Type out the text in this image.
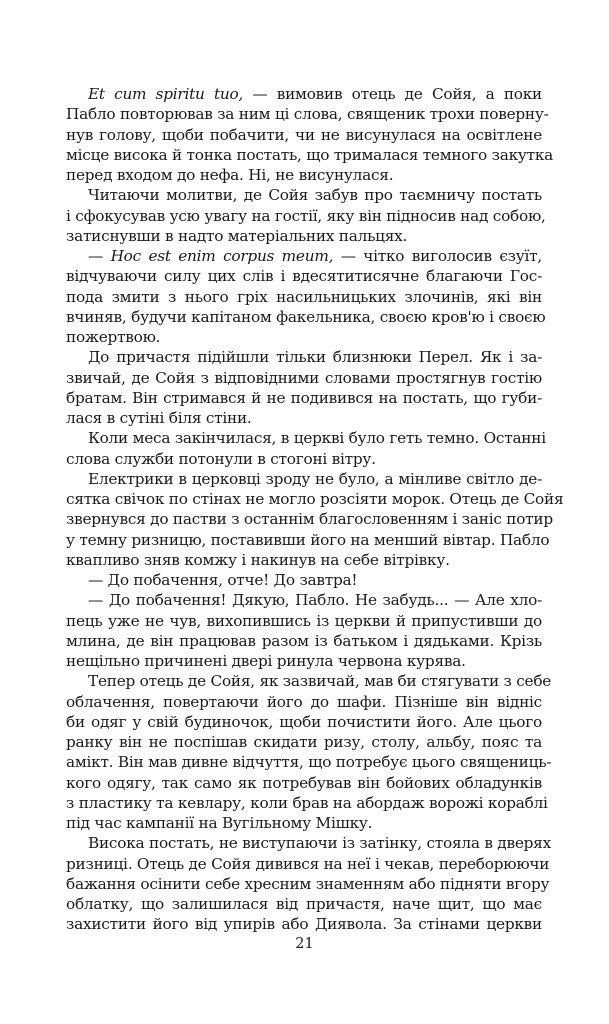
Et cum spiritu tuo, — вимовив отець де Сойя, а поки
Пабло повторював за ним ці слова, священик трохи поверну-
нув голову, щоби побачити, чи не висунулася на освітлене
місце висока й тонка постать, що трималася темного закутка
перед входом до нефа. Ні, не висунулася.
Читаючи молитви, де Сойя забув про таємничу постать
і сфокусував усю увагу на гостії, яку він підносив над собою,
затиснувши в надто матеріальних пальцях.
— Hoc est enim corpus meum, — чітко виголосив єзуїт,
відчуваючи силу цих слів і вдесятитисячне благаючи Гос-
пода змити з нього гріх насильницьких злочинів, які він
вчиняв, будучи капітаном факельника, своєю кров'ю і своєю
пожертвою.
До причастя підійшли тільки близнюки Перел. Як і за-
звичай, де Сойя з відповідними словами простягнув гостію
братам. Він стримався й не подивився на постать, що губи-
лася в сутіні біля стіни.
Коли меса закінчилася, в церкві було геть темно. Останні
слова служби потонули в стогоні вітру.
Електрики в церковці зроду не було, а мінливе світло де-
сятка свічок по стінах не могло розсіяти морок. Отець де Сойя
звернувся до пастви з останнім благословенням і заніс потир
у темну ризницю, поставивши його на менший вівтар. Пабло
квапливо зняв комжу і накинув на себе вітрівку.
— До побачення, отче! До завтра!
— До побачення! Дякую, Пабло. Не забудь... — Але хло-
пець уже не чув, вихопившись із церкви й припустивши до
млина, де він працював разом із батьком і дядьками. Крізь
нещільно причинені двері ринула червона курява.
Тепер отець де Сойя, як зазвичай, мав би стягувати з себе
облачення, повертаючи його до шафи. Пізніше він відніс
би одяг у свій будиночок, щоби почистити його. Але цього
ранку він не поспішав скидати ризу, столу, альбу, пояс та
амікт. Він мав дивне відчуття, що потребує цього священиць-
кого одягу, так само як потребував він бойових обладунків
з пластику та кевлару, коли брав на абордаж ворожі кораблі
під час кампанії на Вугільному Мішку.
Висока постать, не виступаючи із затінку, стояла в дверях
ризниці. Отець де Сойя дивився на неї і чекав, переборюючи
бажання осінити себе хресним знаменням або підняти вгору
облатку, що залишилася від причастя, наче щит, що має
захистити його від упирів або Диявола. За стінами церкви
21
